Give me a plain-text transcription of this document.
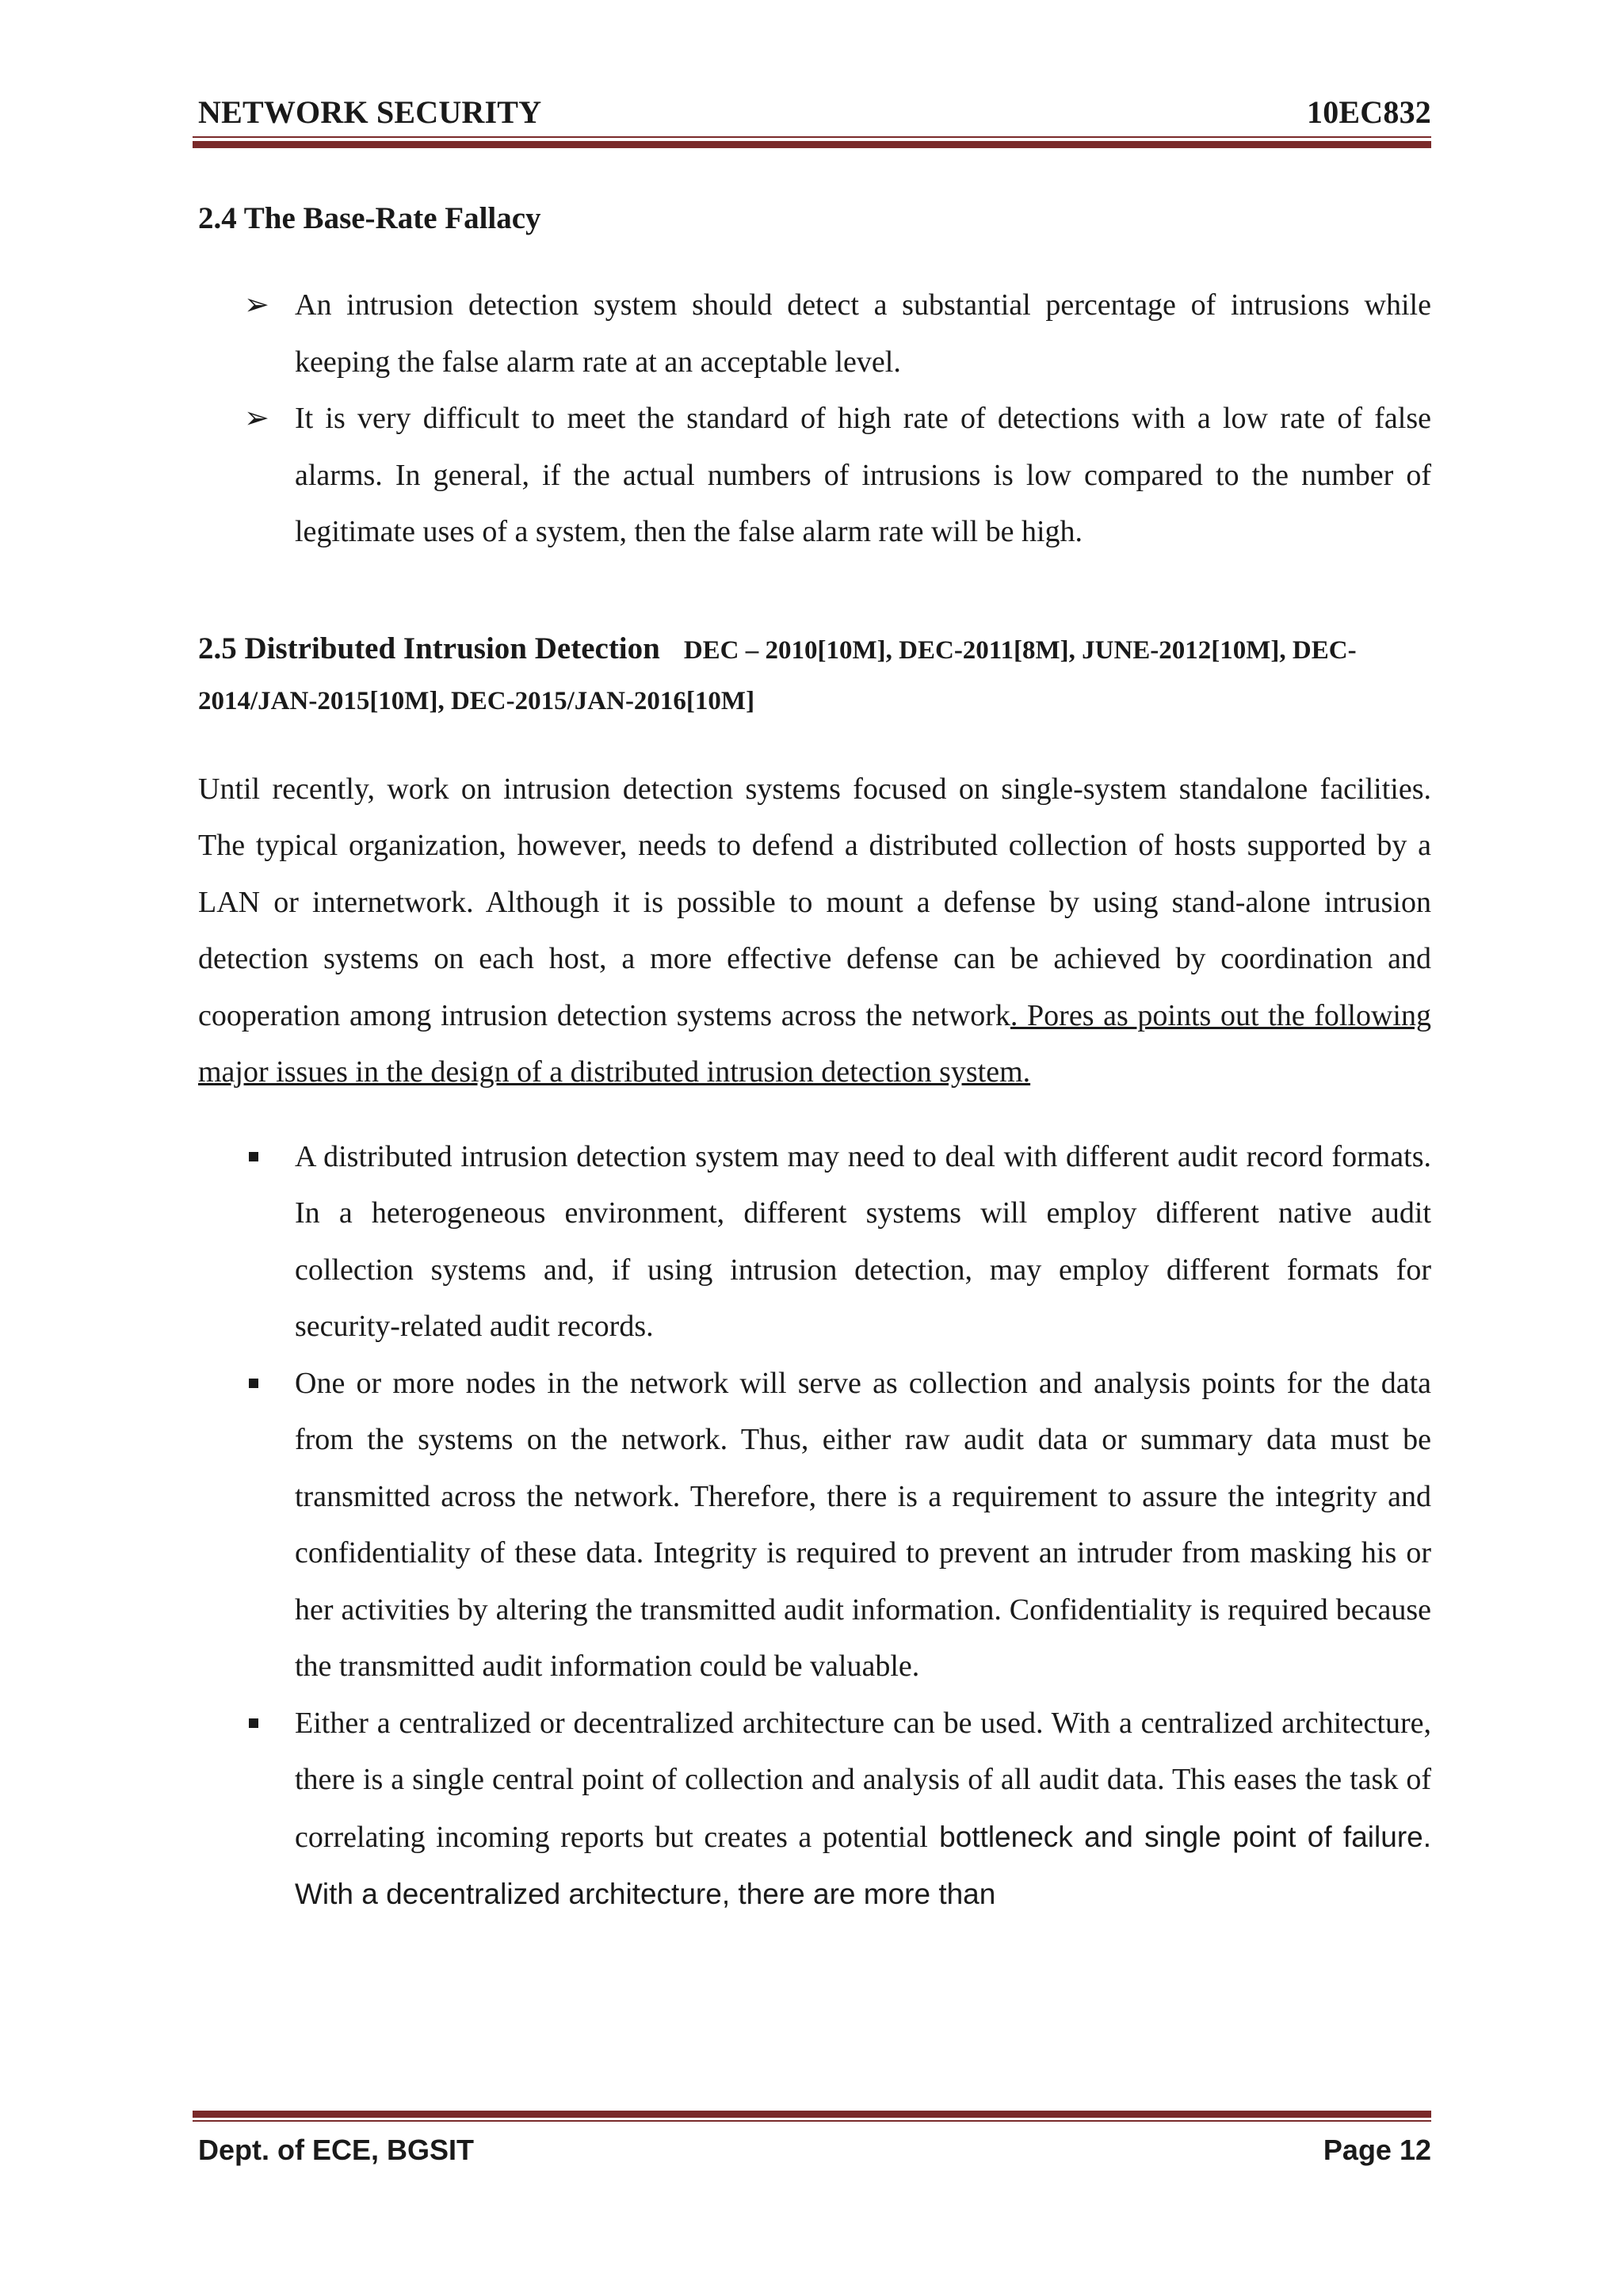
NETWORK SECURITY	10EC832
2.4 The Base-Rate Fallacy
➢ An intrusion detection system should detect a substantial percentage of intrusions while keeping the false alarm rate at an acceptable level.
➢ It is very difficult to meet the standard of high rate of detections with a low rate of false alarms. In general, if the actual numbers of intrusions is low compared to the number of legitimate uses of a system, then the false alarm rate will be high.
2.5 Distributed Intrusion Detection DEC – 2010[10M], DEC-2011[8M], JUNE-2012[10M], DEC-
2014/JAN-2015[10M], DEC-2015/JAN-2016[10M]

Until recently, work on intrusion detection systems focused on single-system standalone facilities. The typical organization, however, needs to defend a distributed collection of hosts supported by a LAN or internetwork. Although it is possible to mount a defense by using stand-alone intrusion detection systems on each host, a more effective defense can be achieved by coordination and cooperation among intrusion detection systems across the network. Pores as points out the following major issues in the design of a distributed intrusion detection system.

A distributed intrusion detection system may need to deal with different audit record formats. In a heterogeneous environment, different systems will employ different native audit collection systems and, if using intrusion detection, may employ different formats for security-related audit records.
One or more nodes in the network will serve as collection and analysis points for the data from the systems on the network. Thus, either raw audit data or summary data must be transmitted across the network. Therefore, there is a requirement to assure the integrity and confidentiality of these data. Integrity is required to prevent an intruder from masking his or her activities by altering the transmitted audit information. Confidentiality is required because the transmitted audit information could be valuable.
Either a centralized or decentralized architecture can be used. With a centralized architecture, there is a single central point of collection and analysis of all audit data. This eases the task of correlating incoming reports but creates a potential bottleneck and single point of failure. With a decentralized architecture, there are more than
Dept. of ECE, BGSIT	Page 12
